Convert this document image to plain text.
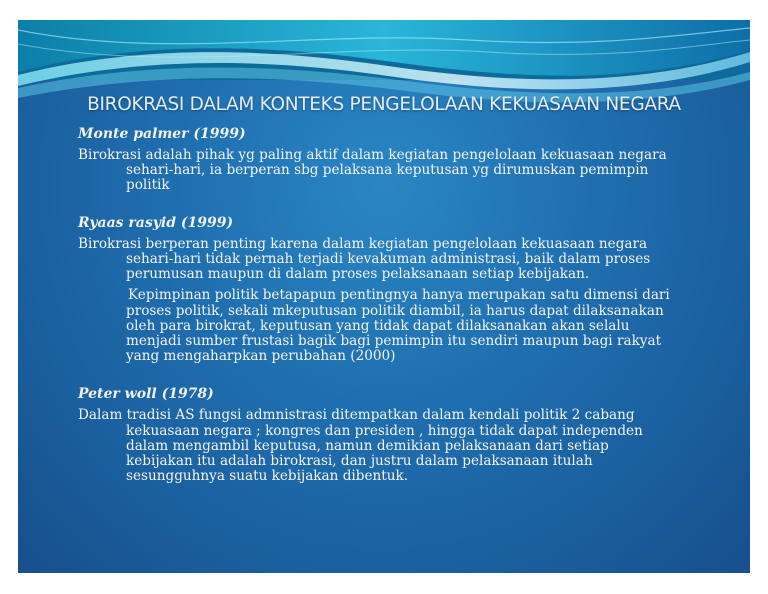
BIROKRASI DALAM KONTEKS PENGELOLAAN KEKUASAAN NEGARA
Monte palmer (1999)
Birokrasi adalah pihak yg paling aktif dalam kegiatan pengelolaan kekuasaan negara
sehari-hari, ia berperan sbg pelaksana keputusan yg dirumuskan pemimpin
politik
Ryaas rasyid (1999)
Birokrasi berperan penting karena dalam kegiatan pengelolaan kekuasaan negara
sehari-hari tidak pernah terjadi kevakuman administrasi, baik dalam proses
perumusan maupun di dalam proses pelaksanaan setiap kebijakan.
Kepimpinan politik betapapun pentingnya hanya merupakan satu dimensi dari
proses politik, sekali mkeputusan politik diambil, ia harus dapat dilaksanakan
oleh para birokrat, keputusan yang tidak dapat dilaksanakan akan selalu
menjadi sumber frustasi bagik bagi pemimpin itu sendiri maupun bagi rakyat
yang mengaharpkan perubahan (2000)
Peter woll (1978)
Dalam tradisi AS fungsi admnistrasi ditempatkan dalam kendali politik 2 cabang
kekuasaan negara ; kongres dan presiden , hingga tidak dapat independen
dalam mengambil keputusa, namun demikian pelaksanaan dari setiap
kebijakan itu adalah birokrasi, dan justru dalam pelaksanaan itulah
sesungguhnya suatu kebijakan dibentuk.
